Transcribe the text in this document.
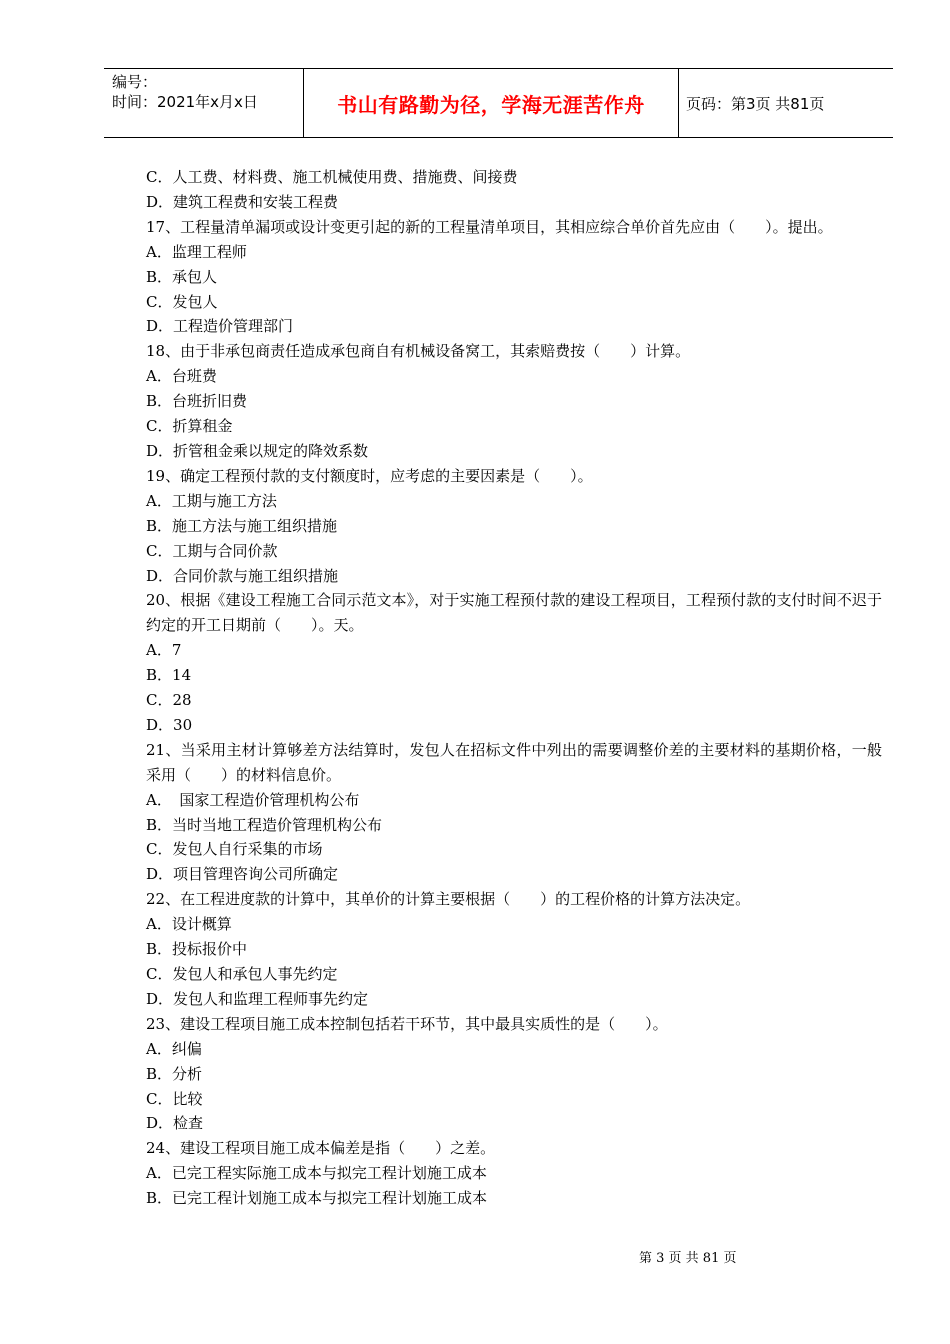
编号：
时间：2021年x月x日	书山有路勤为径，学海无涯苦作舟	页码：第3页 共81页
C．人工费、材料费、施工机械使用费、措施费、间接费
D．建筑工程费和安装工程费
17、工程量清单漏项或设计变更引起的新的工程量清单项目，其相应综合单价首先应由（　　）。提出。
A．监理工程师
B．承包人
C．发包人
D．工程造价管理部门
18、由于非承包商责任造成承包商自有机械设备窝工，其索赔费按（　　）计算。
A．台班费
B．台班折旧费
C．折算租金
D．折管租金乘以规定的降效系数
19、确定工程预付款的支付额度时，应考虑的主要因素是（　　）。
A．工期与施工方法
B．施工方法与施工组织措施
C．工期与合同价款
D．合同价款与施工组织措施
20、根据《建设工程施工合同示范文本》，对于实施工程预付款的建设工程项目，工程预付款的支付时间不迟于约定的开工日期前（　　）。天。
A．7
B．14
C．28
D．30
21、当采用主材计算够差方法结算时，发包人在招标文件中列出的需要调整价差的主要材料的基期价格，一般采用（　　）的材料信息价。
A．　国家工程造价管理机构公布
B．当时当地工程造价管理机构公布
C．发包人自行采集的市场
D．项目管理咨询公司所确定
22、在工程进度款的计算中，其单价的计算主要根据（　　）的工程价格的计算方法决定。
A．设计概算
B．投标报价中
C．发包人和承包人事先约定
D．发包人和监理工程师事先约定
23、建设工程项目施工成本控制包括若干环节，其中最具实质性的是（　　）。
A．纠偏
B．分析
C．比较
D．检查
24、建设工程项目施工成本偏差是指（　　）之差。
A．已完工程实际施工成本与拟完工程计划施工成本
B．已完工程计划施工成本与拟完工程计划施工成本
第 3 页 共 81 页
